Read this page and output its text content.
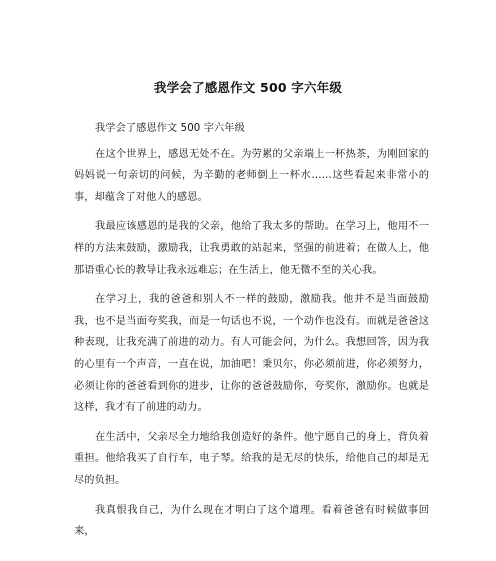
我学会了感恩作文 500 字六年级

我学会了感恩作文 500 字六年级

在这个世界上，感恩无处不在。为劳累的父亲端上一杯热茶，为刚回家的妈妈说一句亲切的问候，为辛勤的老师倒上一杯水……这些看起来非常小的事，却蕴含了对他人的感恩。

我最应该感恩的是我的父亲，他给了我太多的帮助。在学习上，他用不一样的方法来鼓励，激励我，让我勇敢的站起来，坚强的前进着；在做人上，他那语重心长的教导让我永远难忘；在生活上，他无微不至的关心我。

在学习上，我的爸爸和别人不一样的鼓励，激励我。他并不是当面鼓励我，也不是当面夸奖我，而是一句话也不说，一个动作也没有。而就是爸爸这种表现，让我充满了前进的动力。有人可能会问，为什么。我想回答，因为我的心里有一个声音，一直在说，加油吧！秉贝尔，你必须前进，你必须努力，必须让你的爸爸看到你的进步，让你的爸爸鼓励你，夸奖你，激励你。也就是这样，我才有了前进的动力。

在生活中，父亲尽全力地给我创造好的条件。他宁愿自己的身上，背负着重担。他给我买了自行车，电子琴。给我的是无尽的快乐，给他自己的却是无尽的负担。

我真恨我自己，为什么现在才明白了这个道理。看着爸爸有时候做事回来，
